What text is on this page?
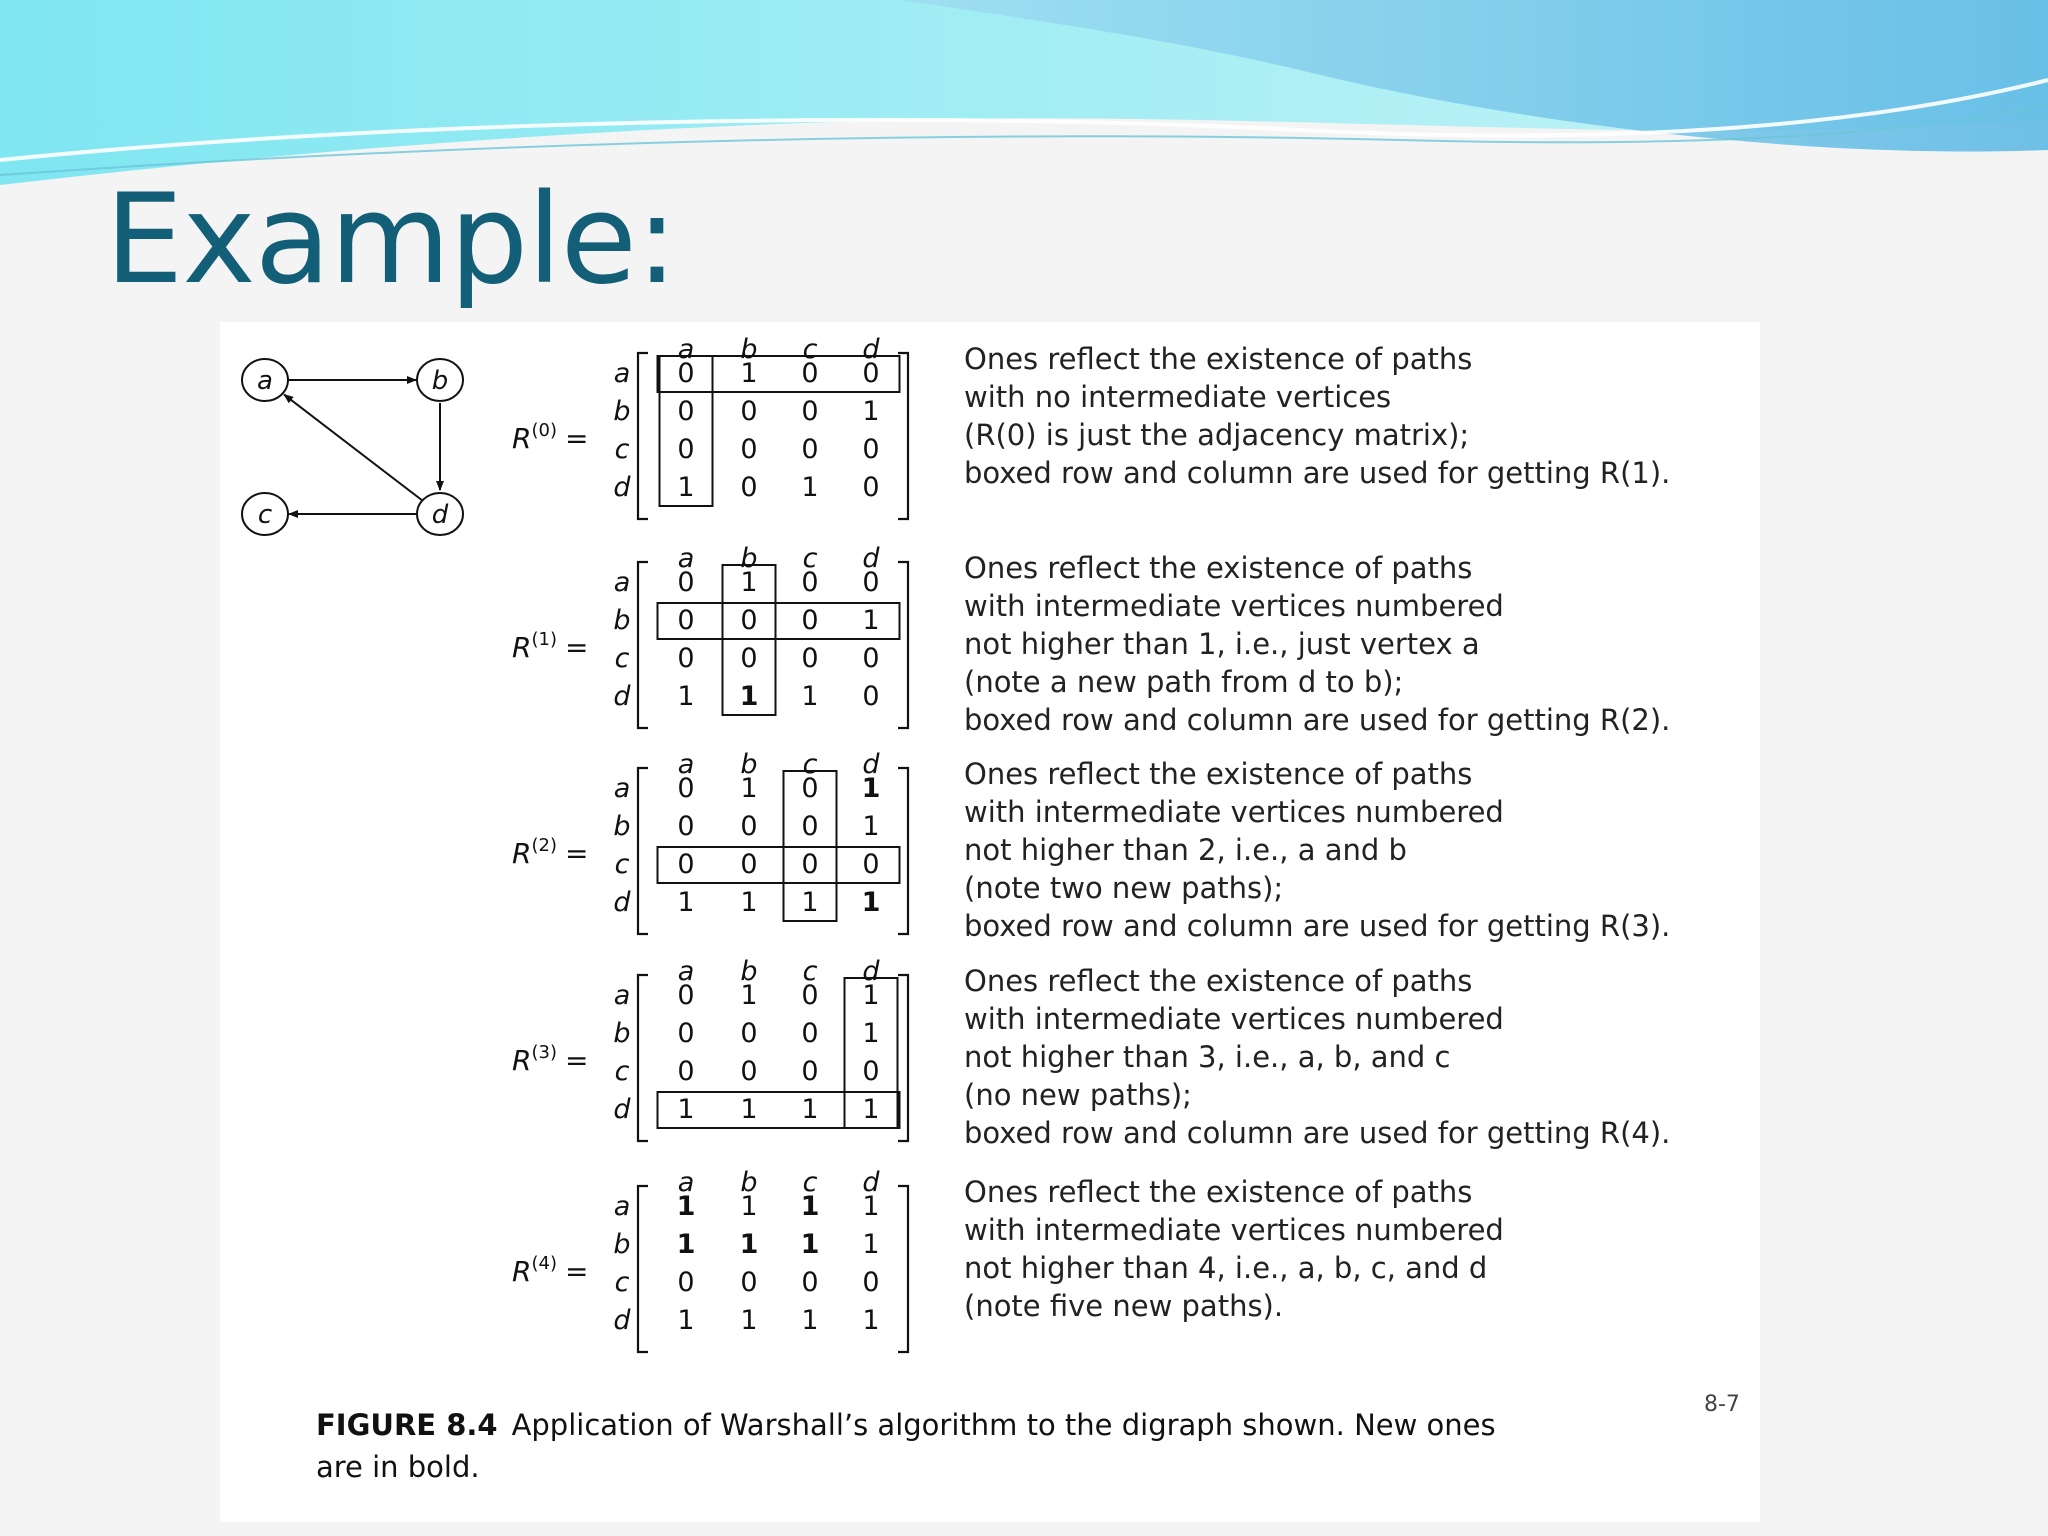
Example:
a	b
c	d
a b c d
a 0 1 0 0
b 0 0 0 1
c 0 0 0 0
d 1 0 1 0
$R^{(0)}$ =
a b c d
a 0 1 0 0
b 0 0 0 1
c 0 0 0 0
d 1 1 1 0
$R^{(1)}$ =
a b c d
a 0 1 0 1
b 0 0 0 1
c 0 0 0 0
d 1 1 1 1
$R^{(2)}$ =
a b c d
a 0 1 0 1
b 0 0 0 1
c 0 0 0 0
d 1 1 1 1
$R^{(3)}$ =
a b c d
a 1 1 1 1
b 1 1 1 1
c 0 0 0 0
d 1 1 1 1
$R^{(4)}$ =
Ones reflect the existence of paths
with no intermediate vertices
(R(0) is just the adjacency matrix);
boxed row and column are used for getting R(1).
Ones reflect the existence of paths
with intermediate vertices numbered
not higher than 1, i.e., just vertex a
(note a new path from d to b);
boxed row and column are used for getting R(2).
Ones reflect the existence of paths
with intermediate vertices numbered
not higher than 2, i.e., a and b
(note two new paths);
boxed row and column are used for getting R(3).
Ones reflect the existence of paths
with intermediate vertices numbered
not higher than 3, i.e., a, b, and c
(no new paths);
boxed row and column are used for getting R(4).
Ones reflect the existence of paths
with intermediate vertices numbered
not higher than 4, i.e., a, b, c, and d
(note five new paths).
FIGURE 8.4 Application of Warshall’s algorithm to the digraph shown. New ones are in bold.
8-7
